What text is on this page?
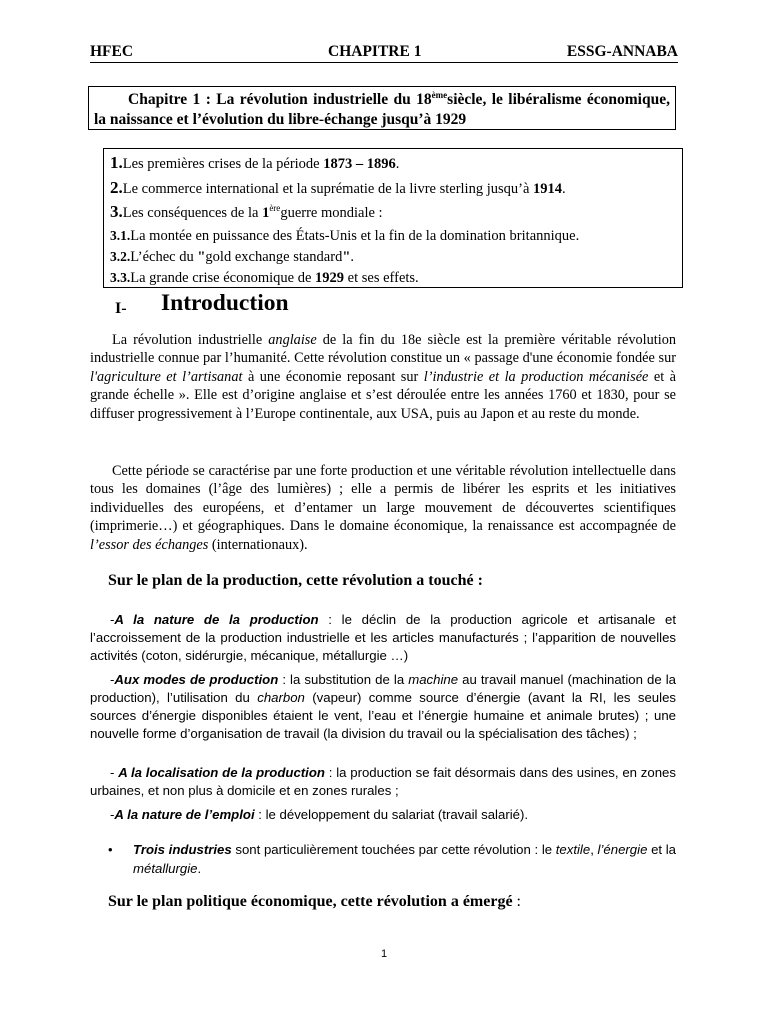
HFEC	CHAPITRE 1	ESSG-ANNABA
Chapitre 1 : La révolution industrielle du 18èmesiècle, le libéralisme économique, la naissance et l’évolution du libre-échange jusqu’à 1929
1.Les premières crises de la période 1873 – 1896.
2.Le commerce international et la suprématie de la livre sterling jusqu’à 1914.
3.Les conséquences de la 1èreguerre mondiale :
3.1.La montée en puissance des États-Unis et la fin de la domination britannique.
3.2.L’échec du "gold exchange standard".
3.3.La grande crise économique de 1929 et ses effets.
I- Introduction
La révolution industrielle anglaise de la fin du 18e siècle est la première véritable révolution industrielle connue par l’humanité. Cette révolution constitue un « passage d'une économie fondée sur l'agriculture et l’artisanat à une économie reposant sur l’industrie et la production mécanisée et à grande échelle ». Elle est d’origine anglaise et s’est déroulée entre les années 1760 et 1830, pour se diffuser progressivement à l’Europe continentale, aux USA, puis au Japon et au reste du monde.
Cette période se caractérise par une forte production et une véritable révolution intellectuelle dans tous les domaines (l’âge des lumières) ; elle a permis de libérer les esprits et les initiatives individuelles des européens, et d’entamer un large mouvement de découvertes scientifiques (imprimerie…) et géographiques. Dans le domaine économique, la renaissance est accompagnée de l’essor des échanges (internationaux).
Sur le plan de la production, cette révolution a touché :
-A la nature de la production : le déclin de la production agricole et artisanale et l’accroissement de la production industrielle et les articles manufacturés ; l’apparition de nouvelles activités (coton, sidérurgie, mécanique, métallurgie …)
-Aux modes de production : la substitution de la machine au travail manuel (machination de la production), l’utilisation du charbon (vapeur) comme source d’énergie (avant la RI, les seules sources d’énergie disponibles étaient le vent, l’eau et l’énergie humaine et animale brutes) ; une nouvelle forme d’organisation de travail (la division du travail ou la spécialisation des tâches) ;
- A la localisation de la production : la production se fait désormais dans des usines, en zones urbaines, et non plus à domicile et en zones rurales ;
-A la nature de l’emploi : le développement du salariat (travail salarié).
• Trois industries sont particulièrement touchées par cette révolution : le textile, l’énergie et la métallurgie.
Sur le plan politique économique, cette révolution a émergé :
1
